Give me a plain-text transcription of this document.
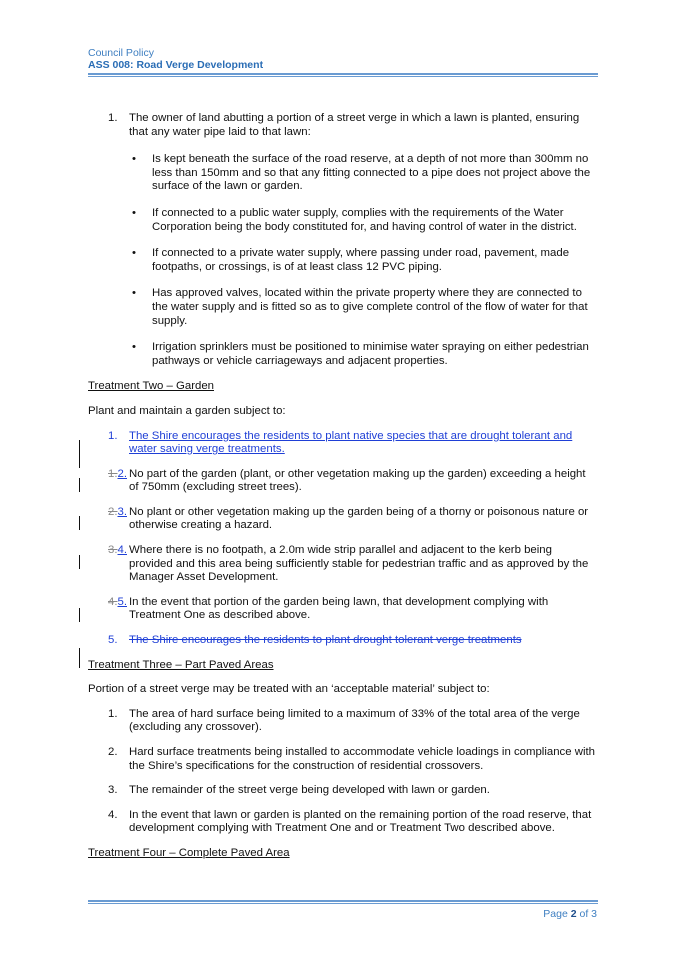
Council Policy
ASS 008: Road Verge Development
1. The owner of land abutting a portion of a street verge in which a lawn is planted, ensuring that any water pipe laid to that lawn:
• Is kept beneath the surface of the road reserve, at a depth of not more than 300mm no less than 150mm and so that any fitting connected to a pipe does not project above the surface of the lawn or garden.
• If connected to a public water supply, complies with the requirements of the Water Corporation being the body constituted for, and having control of water in the district.
• If connected to a private water supply, where passing under road, pavement, made footpaths, or crossings, is of at least class 12 PVC piping.
• Has approved valves, located within the private property where they are connected to the water supply and is fitted so as to give complete control of the flow of water for that supply.
• Irrigation sprinklers must be positioned to minimise water spraying on either pedestrian pathways or vehicle carriageways and adjacent properties.
Treatment Two – Garden
Plant and maintain a garden subject to:
1. The Shire encourages the residents to plant native species that are drought tolerant and water saving verge treatments.
1.2. No part of the garden (plant, or other vegetation making up the garden) exceeding a height of 750mm (excluding street trees).
2.3. No plant or other vegetation making up the garden being of a thorny or poisonous nature or otherwise creating a hazard.
3.4. Where there is no footpath, a 2.0m wide strip parallel and adjacent to the kerb being provided and this area being sufficiently stable for pedestrian traffic and as approved by the Manager Asset Development.
4.5. In the event that portion of the garden being lawn, that development complying with Treatment One as described above.
5. The Shire encourages the residents to plant drought tolerant verge treatments
Treatment Three – Part Paved Areas
Portion of a street verge may be treated with an ‘acceptable material’ subject to:
1. The area of hard surface being limited to a maximum of 33% of the total area of the verge (excluding any crossover).
2. Hard surface treatments being installed to accommodate vehicle loadings in compliance with the Shire’s specifications for the construction of residential crossovers.
3. The remainder of the street verge being developed with lawn or garden.
4. In the event that lawn or garden is planted on the remaining portion of the road reserve, that development complying with Treatment One and or Treatment Two described above.
Treatment Four – Complete Paved Area
Page 2 of 3
